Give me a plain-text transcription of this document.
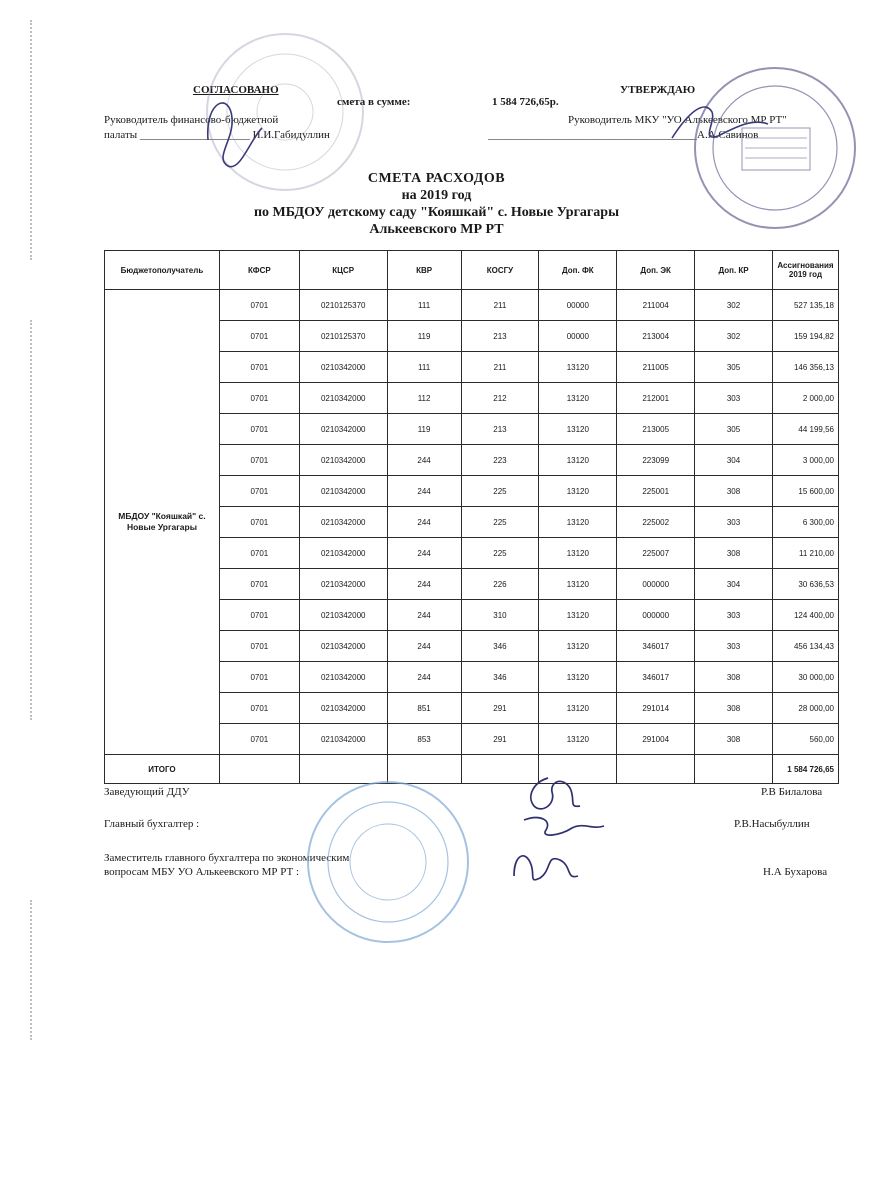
СОГЛАСОВАНО
смета в сумме:	1 584 726,65р.
УТВЕРЖДАЮ
Руководитель финансово-бюджетной
палаты ____________________ И.И.Габидуллин
Руководитель МКУ "УО Алькеевского МР РТ"
______________________________________А.А.Савинов
СМЕТА РАСХОДОВ
на 2019 год
по МБДОУ детскому саду "Кояшкай" с. Новые Ургагары
Алькеевского МР РТ
Бюджетополучатель	КФСР	КЦСР	КВР	КОСГУ	Доп. ФК	Доп. ЭК	Доп. КР	Ассигнования 2019 год
МБДОУ "Кояшкай" с. Новые Ургагары	0701	0210125370	111	211	00000	211004	302	527 135,18
	0701	0210125370	119	213	00000	213004	302	159 194,82
	0701	0210342000	111	211	13120	211005	305	146 356,13
	0701	0210342000	112	212	13120	212001	303	2 000,00
	0701	0210342000	119	213	13120	213005	305	44 199,56
	0701	0210342000	244	223	13120	223099	304	3 000,00
	0701	0210342000	244	225	13120	225001	308	15 600,00
	0701	0210342000	244	225	13120	225002	303	6 300,00
	0701	0210342000	244	225	13120	225007	308	11 210,00
	0701	0210342000	244	226	13120	000000	304	30 636,53
	0701	0210342000	244	310	13120	000000	303	124 400,00
	0701	0210342000	244	346	13120	346017	303	456 134,43
	0701	0210342000	244	346	13120	346017	308	30 000,00
	0701	0210342000	851	291	13120	291014	308	28 000,00
	0701	0210342000	853	291	13120	291004	308	560,00
ИТОГО								1 584 726,65
Заведующий ДДУ	Р.В Билалова
Главный бухгалтер :	Р.В.Насыбуллин
Заместитель главного бухгалтера по экономическим
вопросам МБУ УО Алькеевского МР РТ :	Н.А Бухарова
